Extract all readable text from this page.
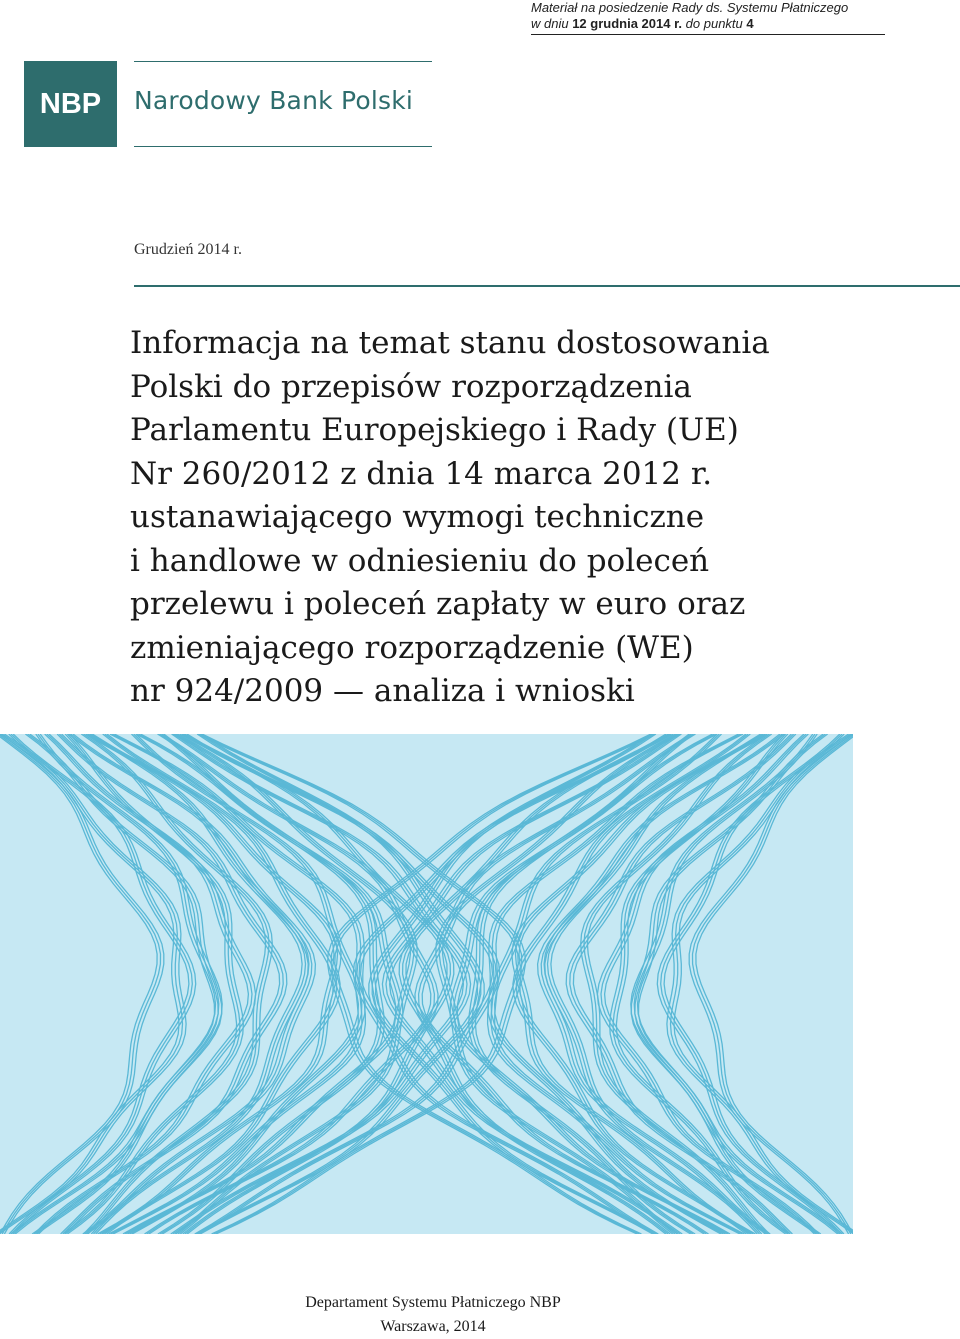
Materiał na posiedzenie Rady ds. Systemu Płatniczego
w dniu 12 grudnia 2014 r. do punktu 4
NBP Narodowy Bank Polski
Grudzień 2014 r.
Informacja na temat stanu dostosowania
Polski do przepisów rozporządzenia
Parlamentu Europejskiego i Rady (UE)
Nr 260/2012 z dnia 14 marca 2012 r.
ustanawiającego wymogi techniczne
i handlowe w odniesieniu do poleceń
przelewu i poleceń zapłaty w euro oraz
zmieniającego rozporządzenie (WE)
nr 924/2009 — analiza i wnioski
Departament Systemu Płatniczego NBP
Warszawa, 2014
